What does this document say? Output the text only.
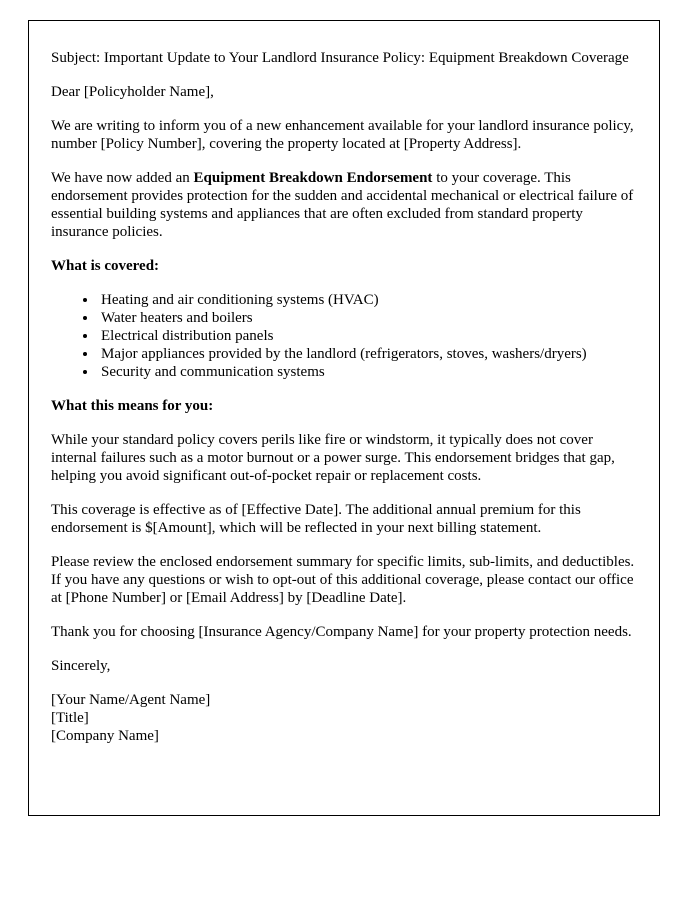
Subject: Important Update to Your Landlord Insurance Policy: Equipment Breakdown Coverage

Dear [Policyholder Name],

We are writing to inform you of a new enhancement available for your landlord insurance policy, number [Policy Number], covering the property located at [Property Address].

We have now added an Equipment Breakdown Endorsement to your coverage. This endorsement provides protection for the sudden and accidental mechanical or electrical failure of essential building systems and appliances that are often excluded from standard property insurance policies.

What is covered:

• Heating and air conditioning systems (HVAC)
• Water heaters and boilers
• Electrical distribution panels
• Major appliances provided by the landlord (refrigerators, stoves, washers/dryers)
• Security and communication systems

What this means for you:

While your standard policy covers perils like fire or windstorm, it typically does not cover internal failures such as a motor burnout or a power surge. This endorsement bridges that gap, helping you avoid significant out-of-pocket repair or replacement costs.

This coverage is effective as of [Effective Date]. The additional annual premium for this endorsement is $[Amount], which will be reflected in your next billing statement.

Please review the enclosed endorsement summary for specific limits, sub-limits, and deductibles. If you have any questions or wish to opt-out of this additional coverage, please contact our office at [Phone Number] or [Email Address] by [Deadline Date].

Thank you for choosing [Insurance Agency/Company Name] for your property protection needs.

Sincerely,

[Your Name/Agent Name]

[Title]

[Company Name]
